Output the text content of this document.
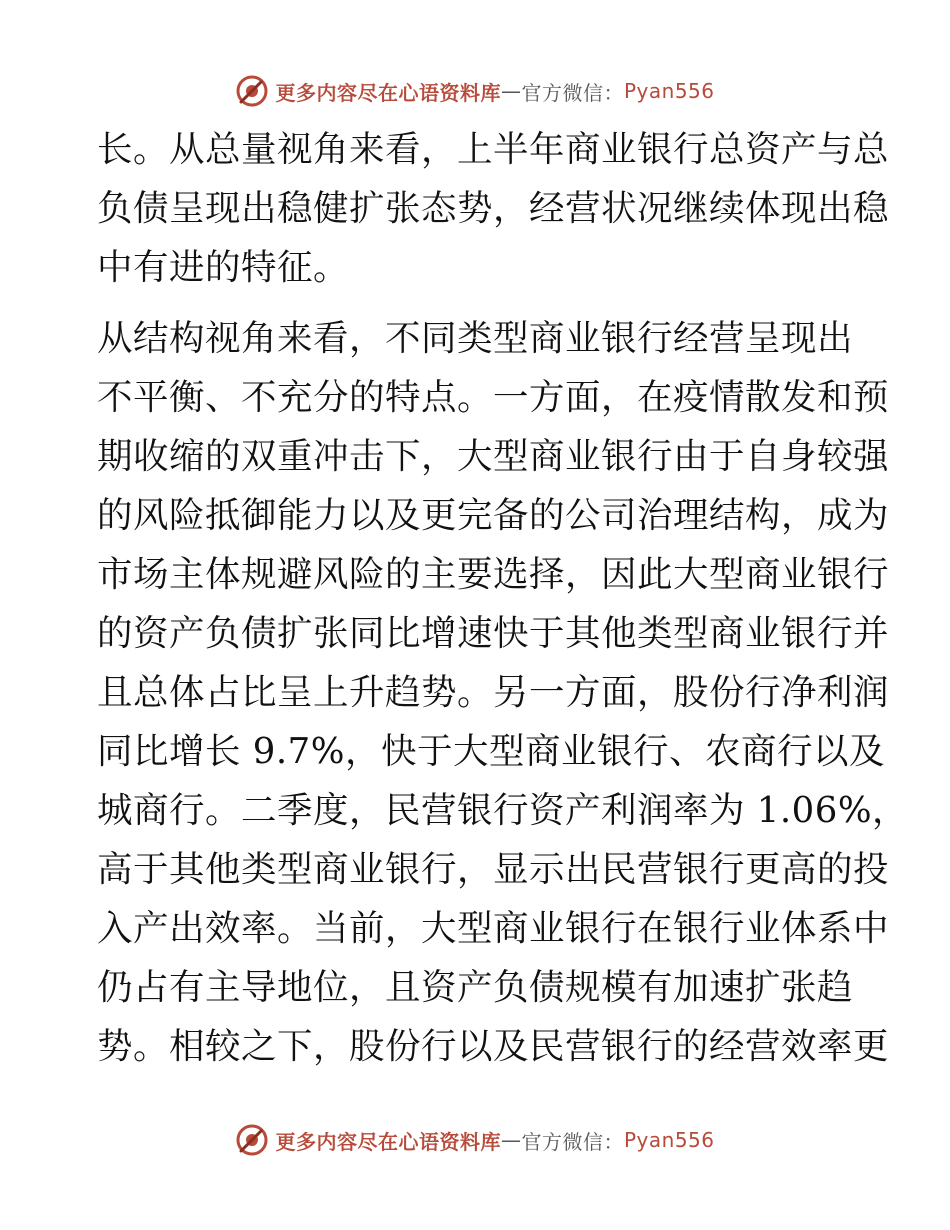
更多内容尽在心语资料库 — 官方微信： Pyan556

长。从总量视角来看，上半年商业银行总资产与总
负债呈现出稳健扩张态势，经营状况继续体现出稳
中有进的特征。

从结构视角来看，不同类型商业银行经营呈现出
不平衡、不充分的特点。一方面，在疫情散发和预
期收缩的双重冲击下，大型商业银行由于自身较强
的风险抵御能力以及更完备的公司治理结构，成为
市场主体规避风险的主要选择，因此大型商业银行
的资产负债扩张同比增速快于其他类型商业银行并
且总体占比呈上升趋势。另一方面，股份行净利润
同比增长 9.7%，快于大型商业银行、农商行以及
城商行。二季度，民营银行资产利润率为 1.06%，
高于其他类型商业银行，显示出民营银行更高的投
入产出效率。当前，大型商业银行在银行业体系中
仍占有主导地位，且资产负债规模有加速扩张趋
势。相较之下，股份行以及民营银行的经营效率更

更多内容尽在心语资料库 — 官方微信： Pyan556
